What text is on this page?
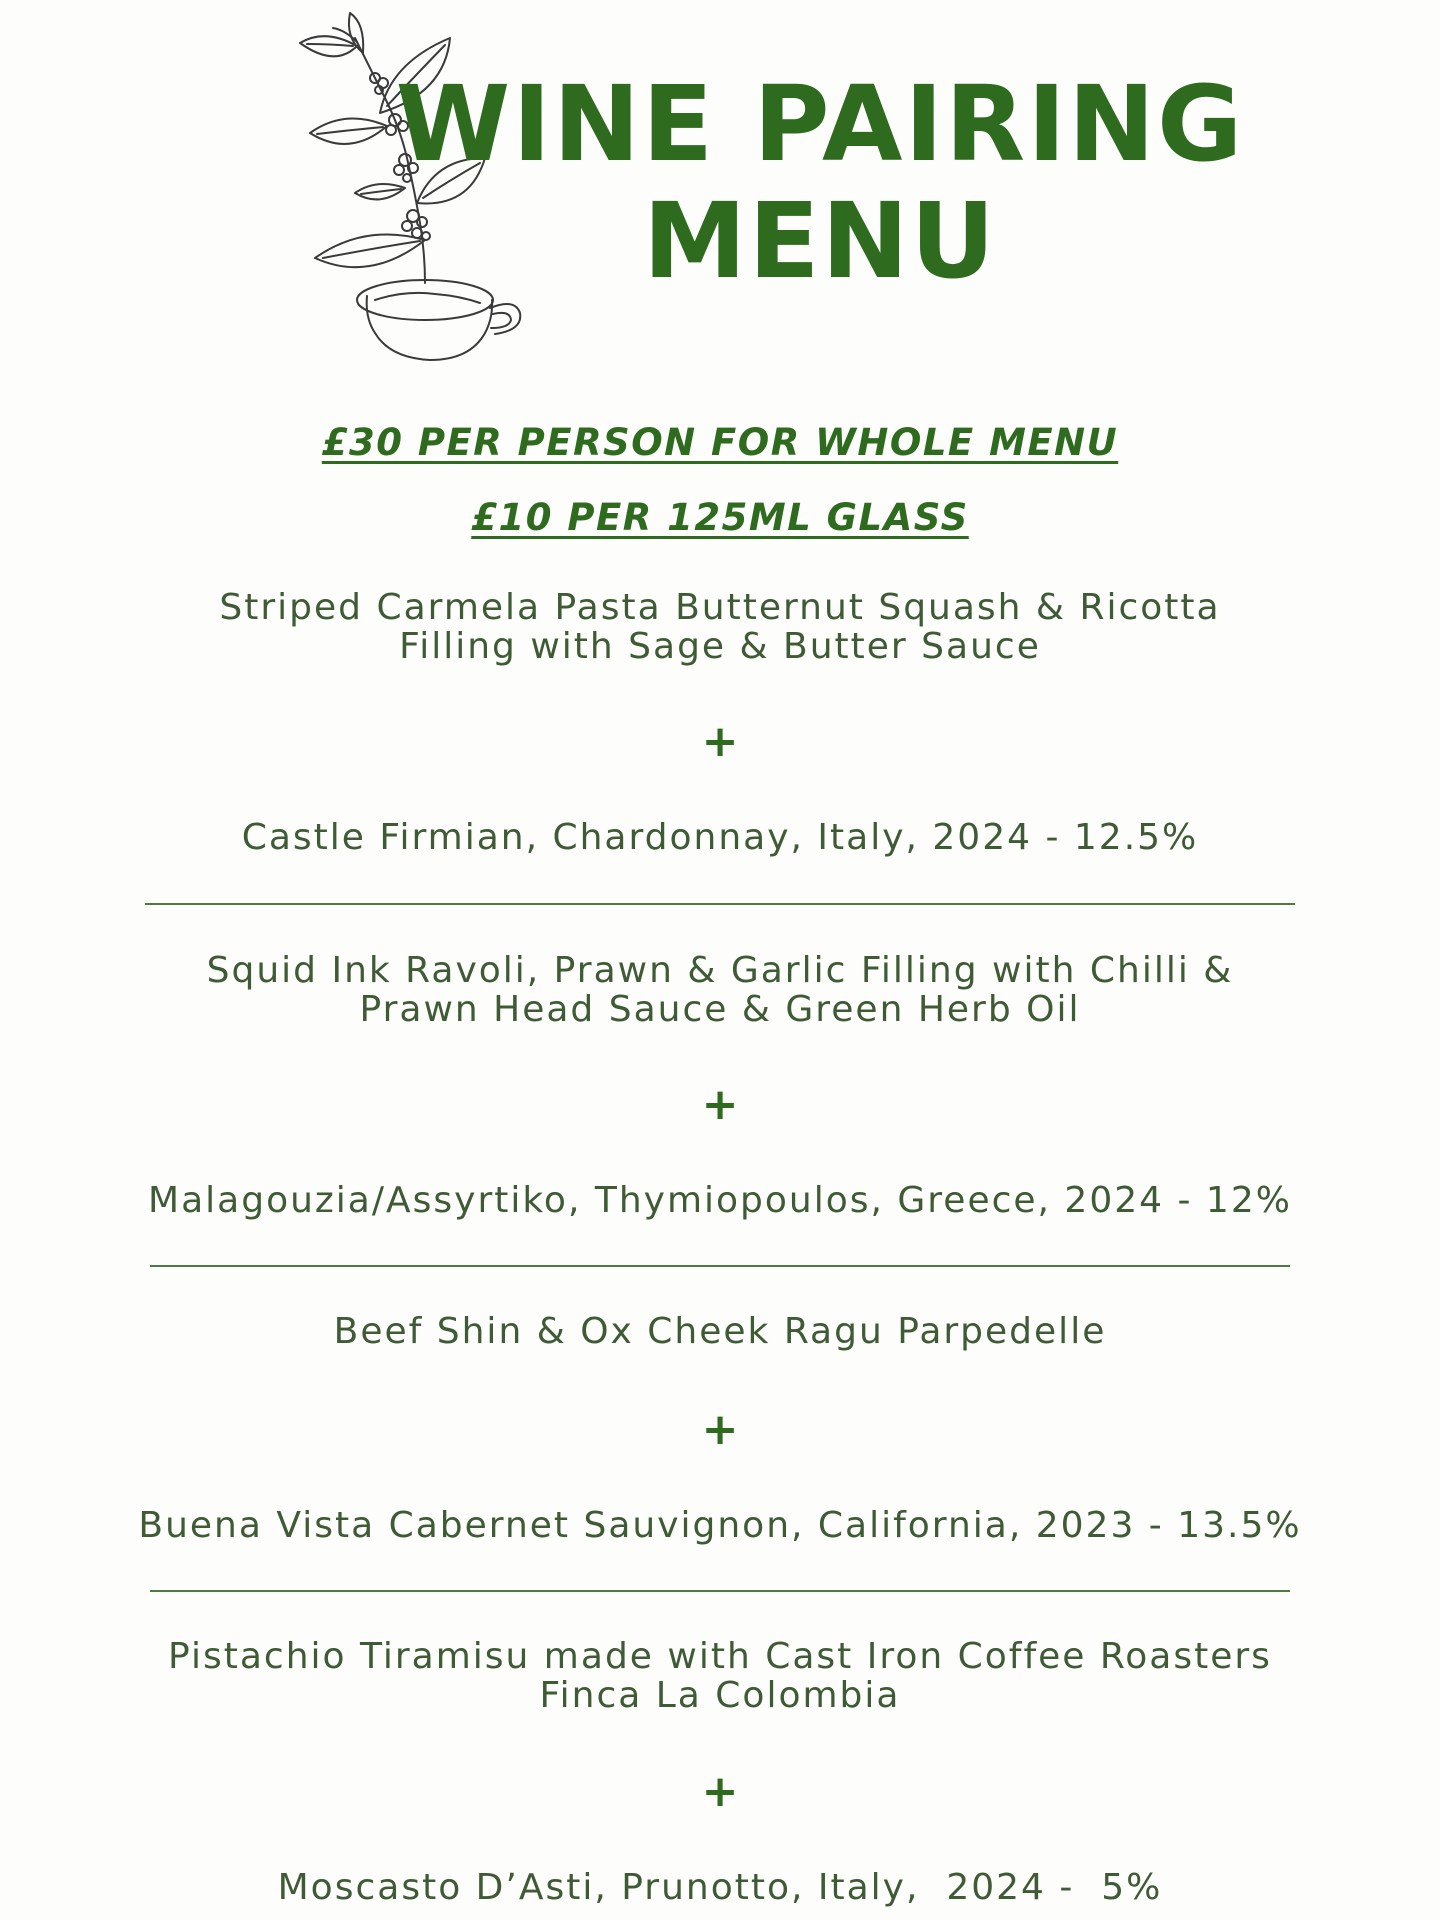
WINE PAIRING
MENU
£30 PER PERSON FOR WHOLE MENU
£10 PER 125ML GLASS
Striped Carmela Pasta Butternut Squash & Ricotta
Filling with Sage & Butter Sauce
+
Castle Firmian, Chardonnay, Italy, 2024 - 12.5%
Squid Ink Ravoli, Prawn & Garlic Filling with Chilli &
Prawn Head Sauce & Green Herb Oil
+
Malagouzia/Assyrtiko, Thymiopoulos, Greece, 2024 - 12%
Beef Shin & Ox Cheek Ragu Parpedelle
+
Buena Vista Cabernet Sauvignon, California, 2023 - 13.5%
Pistachio Tiramisu made with Cast Iron Coffee Roasters
Finca La Colombia
+
Moscasto D’Asti, Prunotto, Italy,  2024 -  5%
